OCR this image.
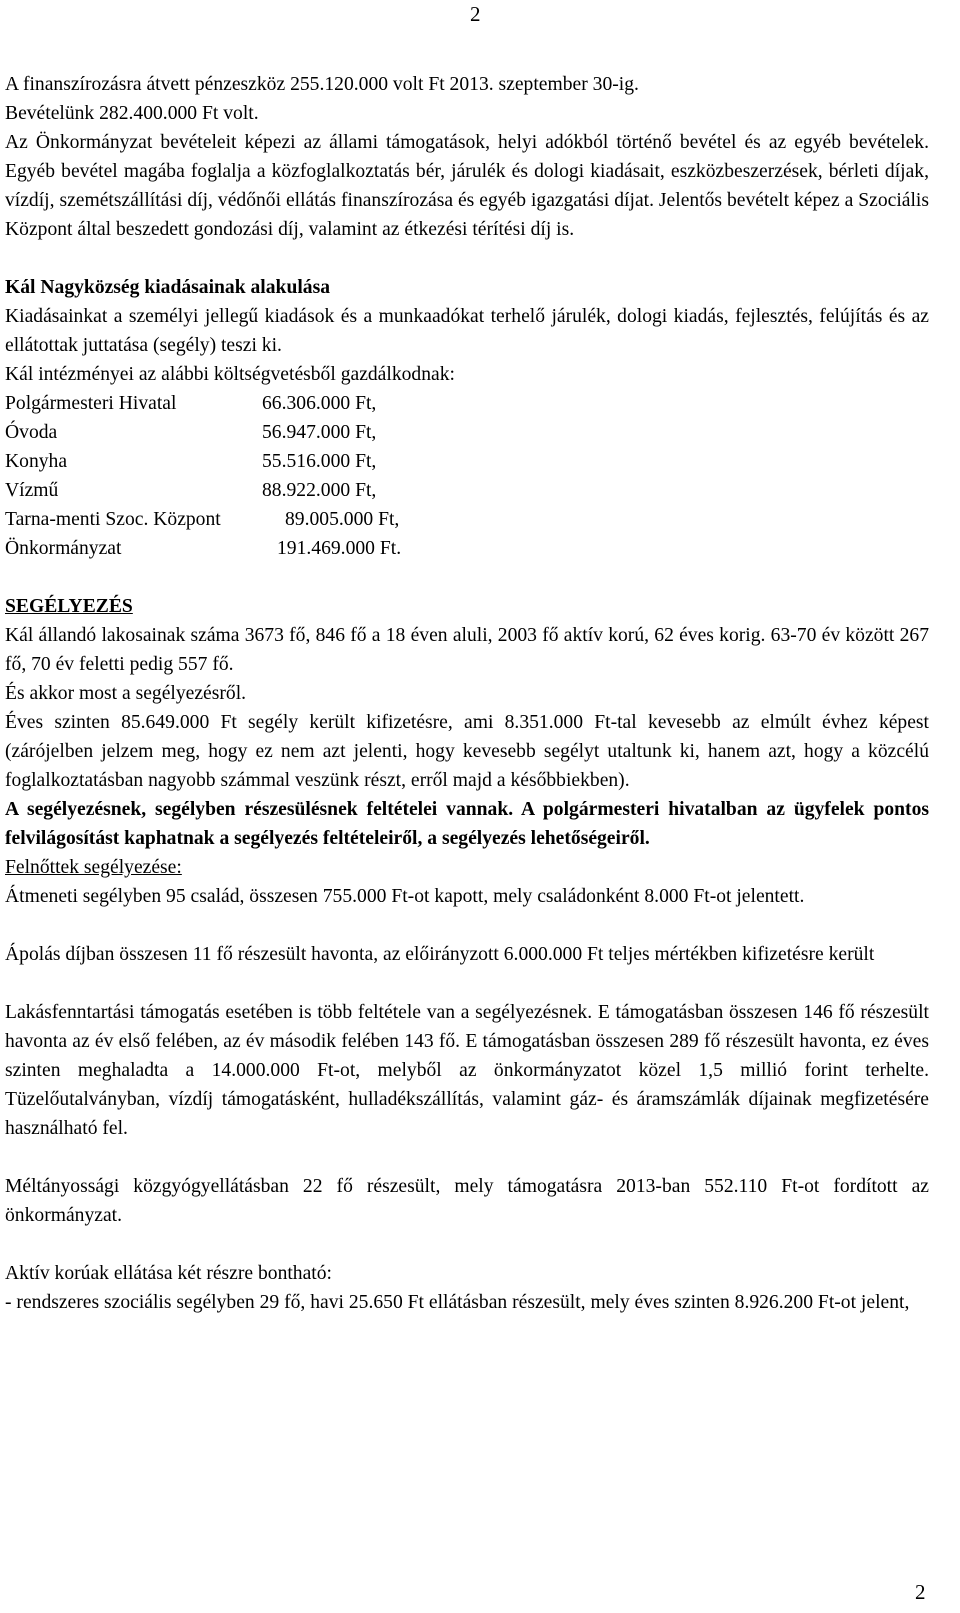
2

A finanszírozásra átvett pénzeszköz 255.120.000 volt Ft 2013. szeptember 30-ig.

Bevételünk 282.400.000 Ft volt.

Az Önkormányzat bevételeit képezi az állami támogatások, helyi adókból történő bevétel és az egyéb bevételek. Egyéb bevétel magába foglalja a közfoglalkoztatás bér, járulék és dologi kiadásait, eszközbeszerzések, bérleti díjak, vízdíj, szemétszállítási díj, védőnői ellátás finanszírozása és egyéb igazgatási díjat. Jelentős bevételt képez a Szociális Központ által beszedett gondozási díj, valamint az étkezési térítési díj is.

Kál Nagyközség kiadásainak alakulása

Kiadásainkat a személyi jellegű kiadások és a munkaadókat terhelő járulék, dologi kiadás, fejlesztés, felújítás és az ellátottak juttatása (segély) teszi ki.

Kál intézményei az alábbi költségvetésből gazdálkodnak:

Polgármesteri Hivatal	66.306.000 Ft,
Óvoda	56.947.000 Ft,
Konyha	55.516.000 Ft,
Vízmű	88.922.000 Ft,
Tarna-menti Szoc. Központ	89.005.000 Ft,
Önkormányzat	191.469.000 Ft.

SEGÉLYEZÉS

Kál állandó lakosainak száma 3673 fő, 846 fő a 18 éven aluli, 2003 fő aktív korú, 62 éves korig. 63-70 év között 267 fő, 70 év feletti pedig 557 fő.

És akkor most a segélyezésről.

Éves szinten 85.649.000 Ft segély került kifizetésre, ami 8.351.000 Ft-tal kevesebb az elmúlt évhez képest (zárójelben jelzem meg, hogy ez nem azt jelenti, hogy kevesebb segélyt utaltunk ki, hanem azt, hogy a közcélú foglalkoztatásban nagyobb számmal veszünk részt, erről majd a későbbiekben).

A segélyezésnek, segélyben részesülésnek feltételei vannak. A polgármesteri hivatalban az ügyfelek pontos felvilágosítást kaphatnak a segélyezés feltételeiről, a segélyezés lehetőségeiről.

Felnőttek segélyezése:

Átmeneti segélyben 95 család, összesen 755.000 Ft-ot kapott, mely családonként 8.000 Ft-ot jelentett.

Ápolás díjban összesen 11 fő részesült havonta, az előirányzott 6.000.000 Ft teljes mértékben kifizetésre került

Lakásfenntartási támogatás esetében is több feltétele van a segélyezésnek. E támogatásban összesen 146 fő részesült havonta az év első felében, az év második felében 143 fő. E támogatásban összesen 289 fő részesült havonta, ez éves szinten meghaladta a 14.000.000 Ft-ot, melyből az önkormányzatot közel 1,5 millió forint terhelte. Tüzelőutalványban, vízdíj támogatásként, hulladékszállítás, valamint gáz- és áramszámlák díjainak megfizetésére használható fel.

Méltányossági közgyógyellátásban 22 fő részesült, mely támogatásra 2013-ban 552.110 Ft-ot fordított az önkormányzat.

Aktív korúak ellátása két részre bontható:

- rendszeres szociális segélyben 29 fő, havi 25.650 Ft ellátásban részesült, mely éves szinten 8.926.200 Ft-ot jelent,

2
